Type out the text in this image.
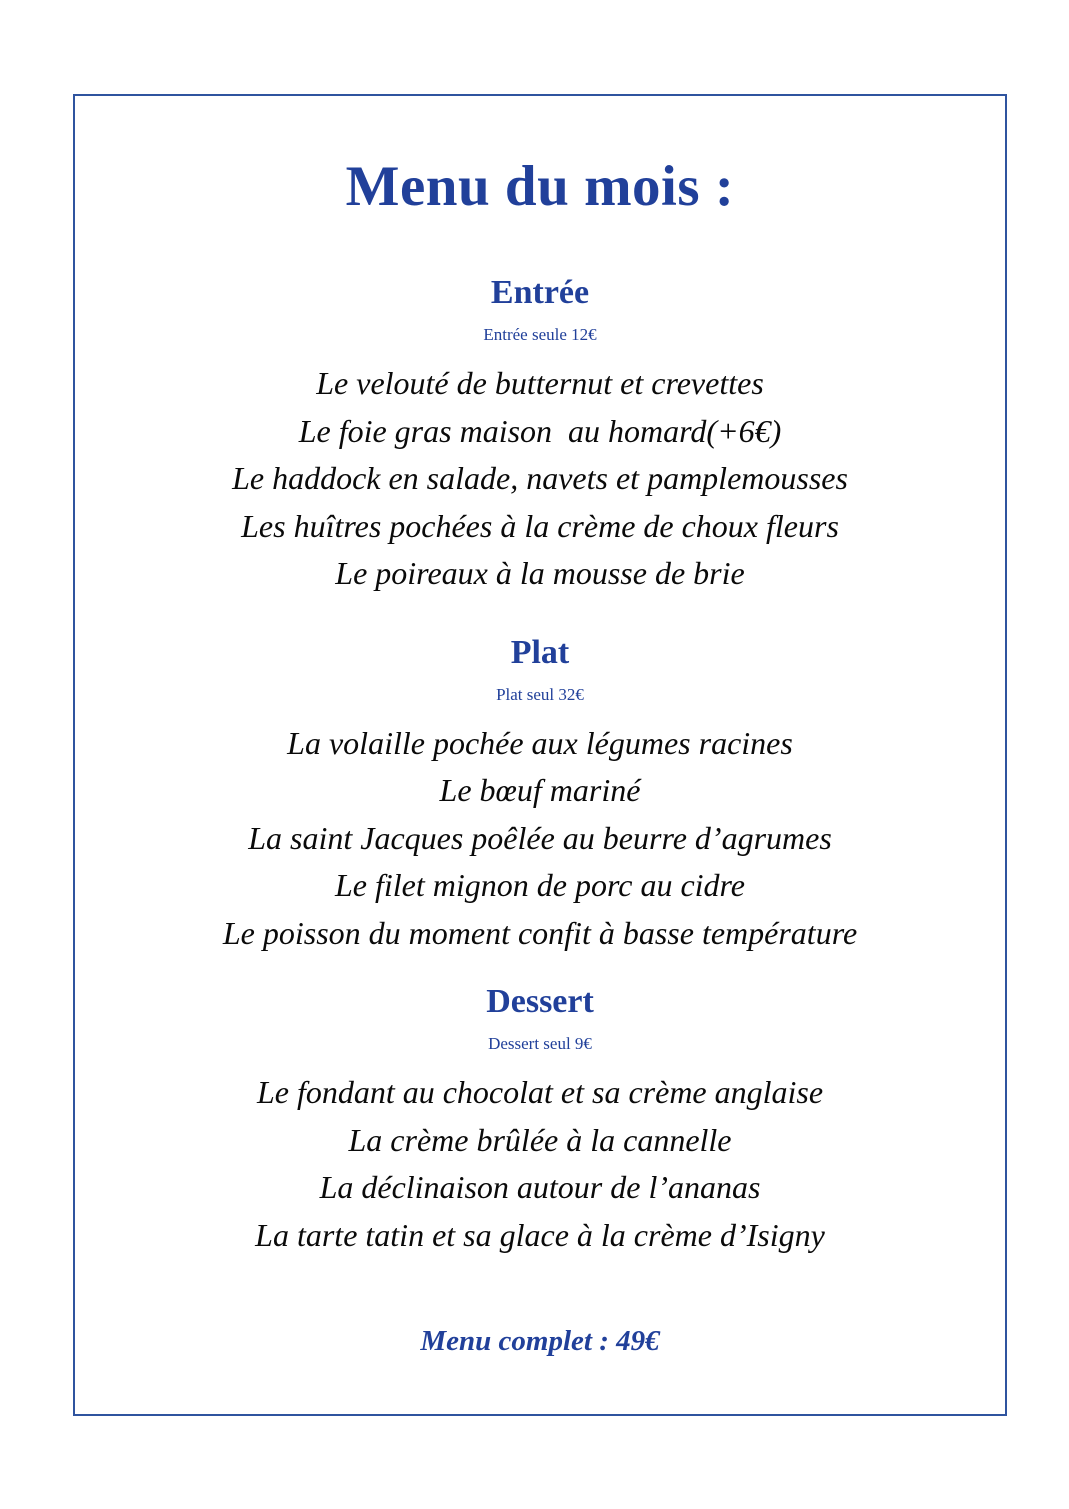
Menu du mois :
Entrée
Entrée seule 12€
Le velouté de butternut et crevettes
Le foie gras maison  au homard(+6€)
Le haddock en salade, navets et pamplemousses
Les huîtres pochées à la crème de choux fleurs
Le poireaux à la mousse de brie
Plat
Plat seul 32€
La volaille pochée aux légumes racines
Le bœuf mariné
La saint Jacques poêlée au beurre d’agrumes
Le filet mignon de porc au cidre
Le poisson du moment confit à basse température
Dessert
Dessert seul 9€
Le fondant au chocolat et sa crème anglaise
La crème brûlée à la cannelle
La déclinaison autour de l’ananas
La tarte tatin et sa glace à la crème d’Isigny
Menu complet : 49€
